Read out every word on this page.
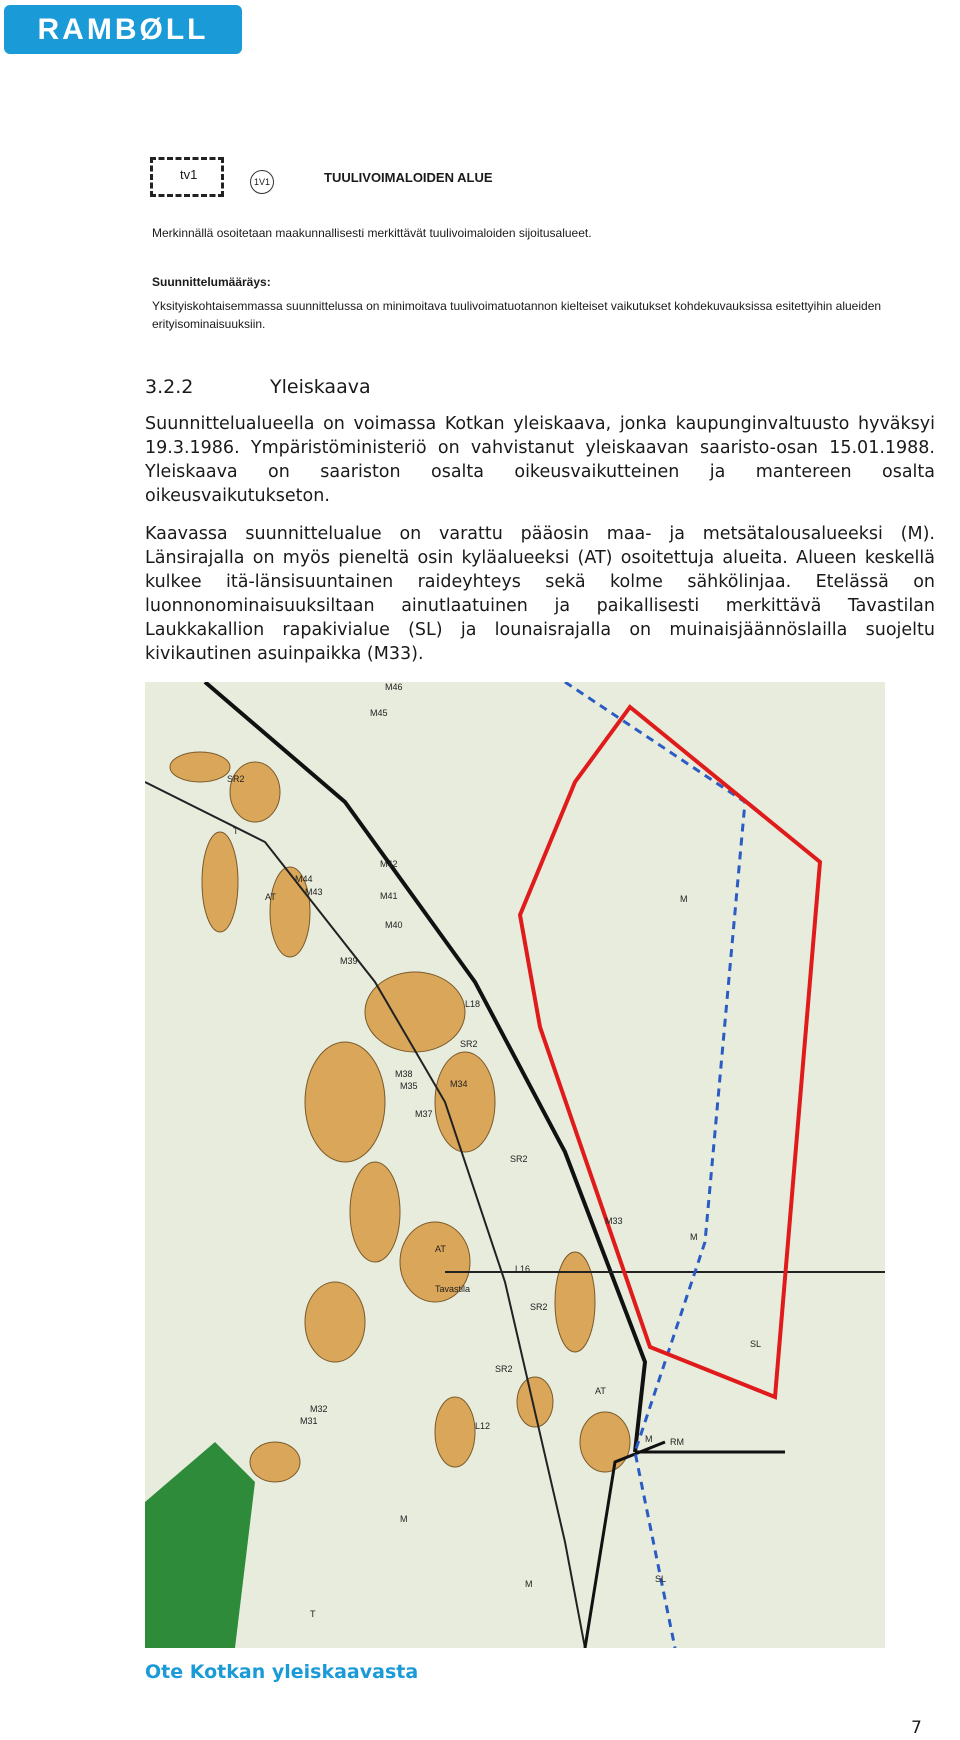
RAMBØLL
tv1	1V1	TUULIVOIMALOIDEN ALUE
Merkinnällä osoitetaan maakunnallisesti merkittävät tuulivoimaloiden sijoitusalueet.
Suunnittelumääräys:
Yksityiskohtaisemmassa suunnittelussa on minimoitava tuulivoimatuotannon kielteiset vaikutukset kohdekuvauksissa esitettyihin alueiden erityisominaisuuksiin.
3.2.2	Yleiskaava
Suunnittelualueella on voimassa Kotkan yleiskaava, jonka kaupunginvaltuusto hyväksyi 19.3.1986. Ympäristöministeriö on vahvistanut yleiskaavan saaristo-osan 15.01.1988. Yleiskaava on saariston osalta oikeusvaikutteinen ja mantereen osalta oikeusvaikutukseton.
Kaavassa suunnittelualue on varattu pääosin maa- ja metsätalousalueeksi (M). Länsirajalla on myös pieneltä osin kyläalueeksi (AT) osoitettuja alueita. Alueen keskellä kulkee itä-länsisuuntainen raideyhteys sekä kolme sähkölinjaa. Etelässä on luonnonominaisuuksiltaan ainutlaatuinen ja paikallisesti merkittävä Tavastilan Laukkakallion rapakivialue (SL) ja lounaisrajalla on muinaisjäännöslailla suojeltu kivikautinen asuinpaikka (M33).
M46
M45
SR2
T
AT
M44
M43
M42
M41
M40
M39
L18
SR2
M38
M35	M34
M37
SR2
M33
L16
Tavastila
SR2
SL
M32
M31	L12
RM
SL
M
M
M
M
M
AT
AT
SR2
T
Ote Kotkan yleiskaavasta
7
